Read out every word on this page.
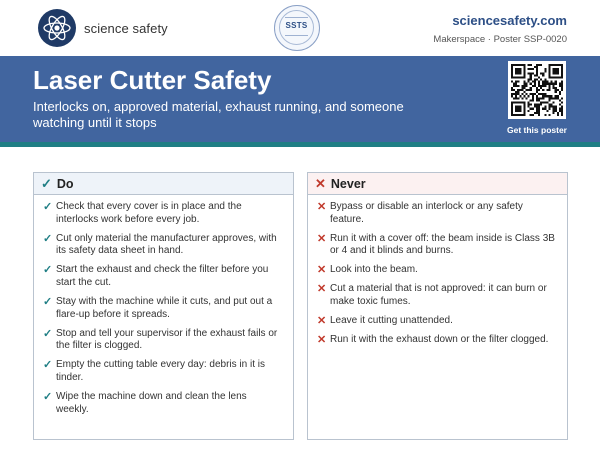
science safety	SSTS	sciencesafety.com
Makerspace · Poster SSP-0020
Laser Cutter Safety

Interlocks on, approved material, exhaust running, and someone watching until it stops	Get this poster
✓ Do
✓ Check that every cover is in place and the interlocks work before every job.
✓ Cut only material the manufacturer approves, with its safety data sheet in hand.
✓ Start the exhaust and check the filter before you start the cut.
✓ Stay with the machine while it cuts, and put out a flare-up before it spreads.
✓ Stop and tell your supervisor if the exhaust fails or the filter is clogged.
✓ Empty the cutting table every day: debris in it is tinder.
✓ Wipe the machine down and clean the lens weekly.
✕ Never
✕ Bypass or disable an interlock or any safety feature.
✕ Run it with a cover off: the beam inside is Class 3B or 4 and it blinds and burns.
✕ Look into the beam.
✕ Cut a material that is not approved: it can burn or make toxic fumes.
✕ Leave it cutting unattended.
✕ Run it with the exhaust down or the filter clogged.
